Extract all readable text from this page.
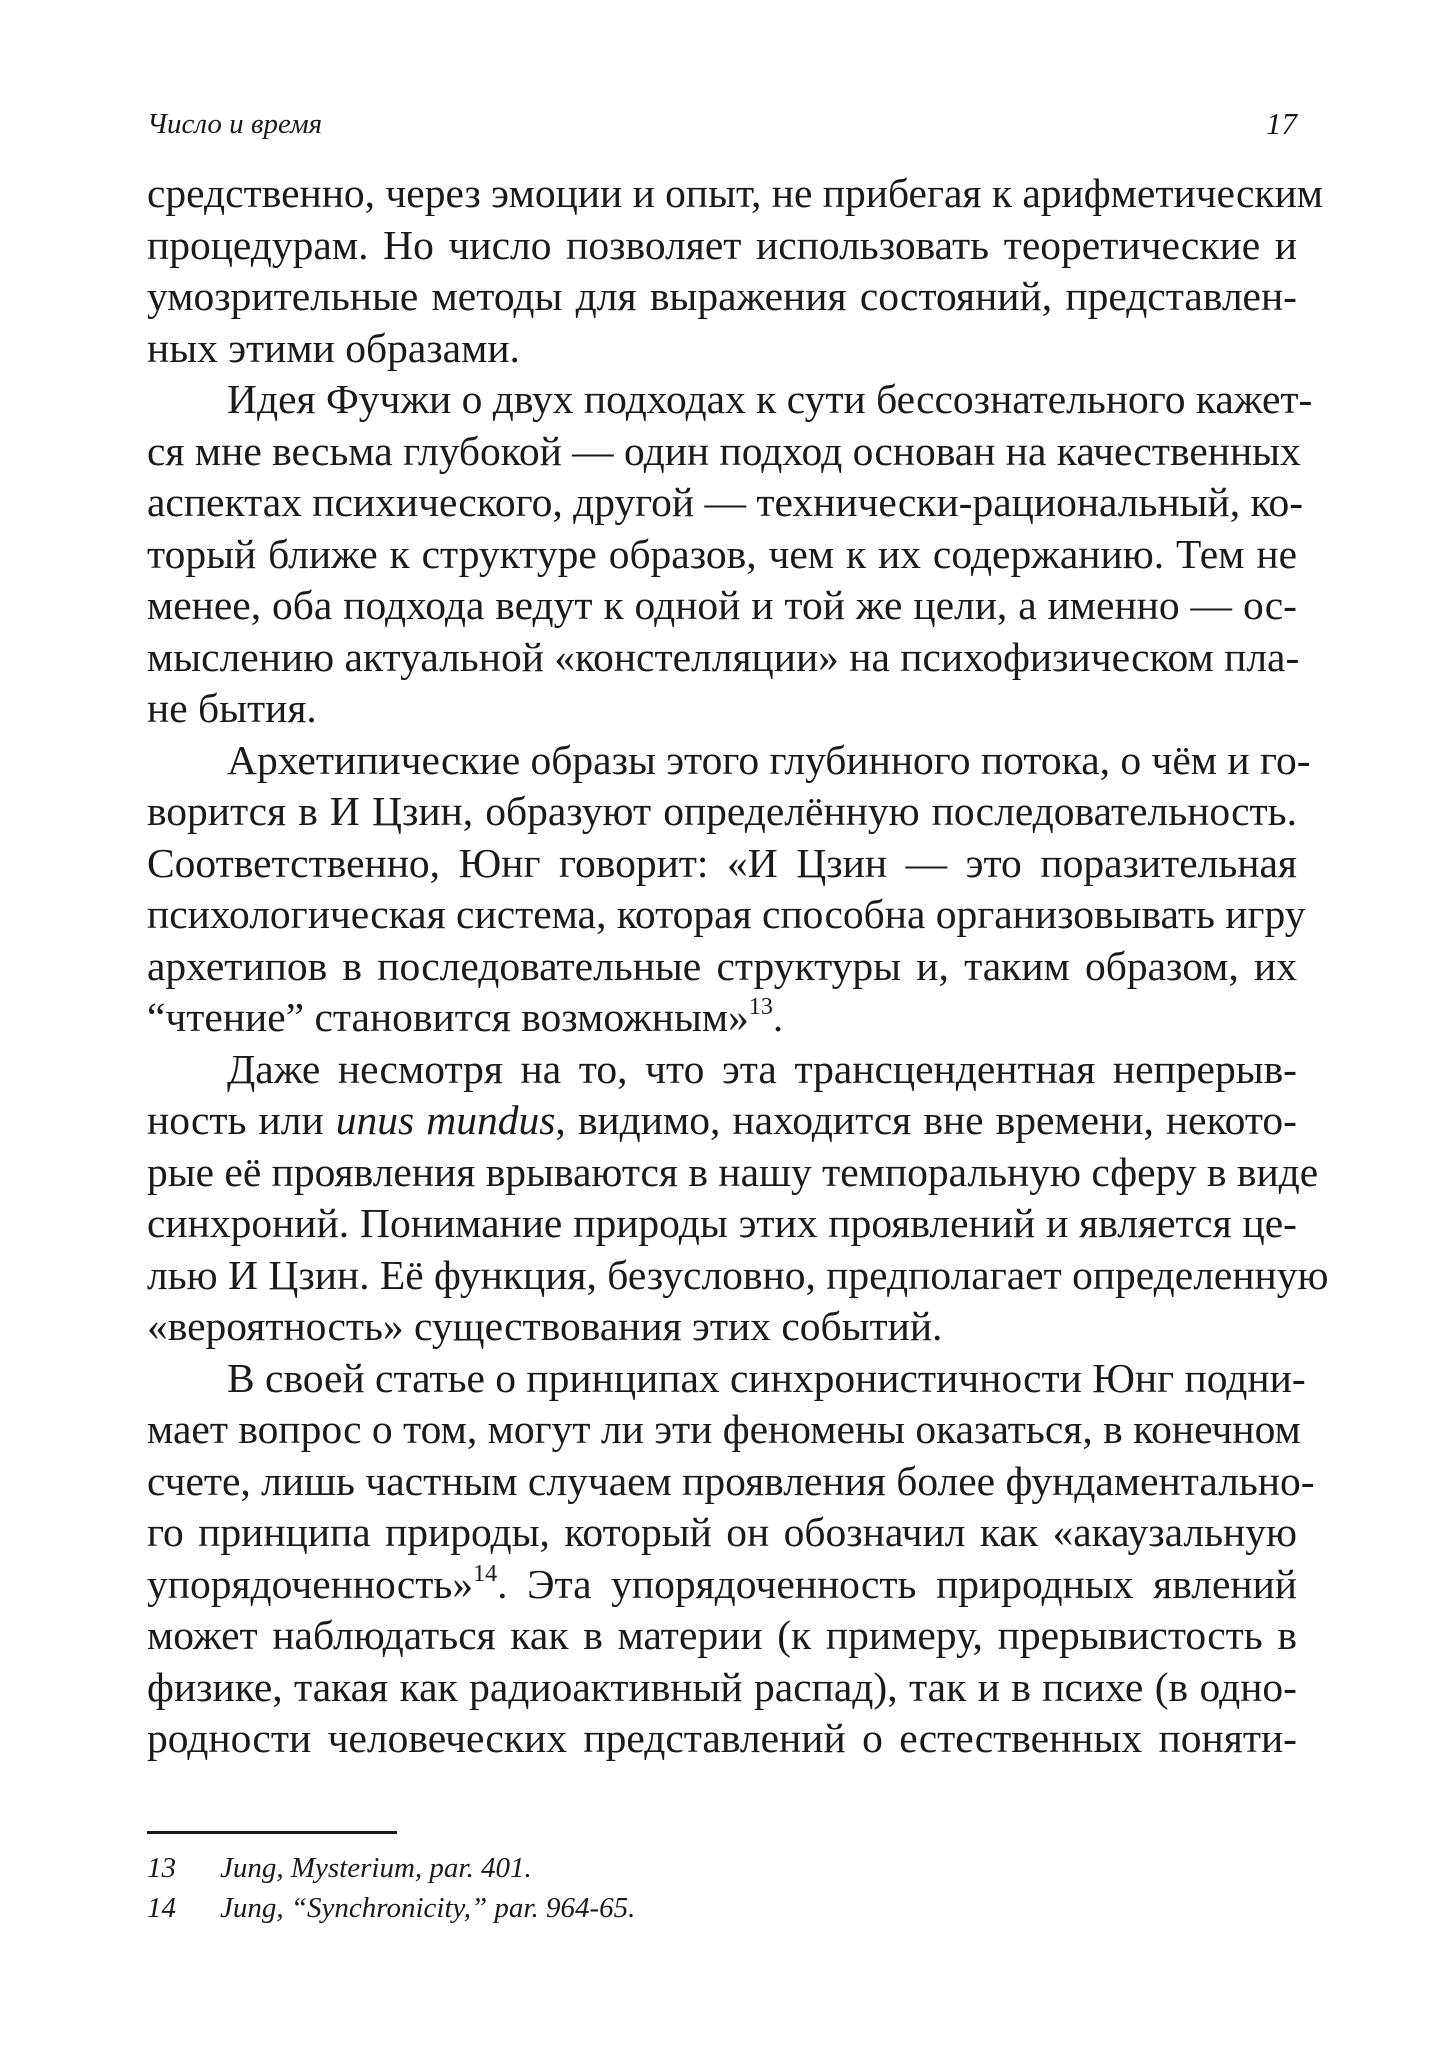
Число и время	17

средственно, через эмоции и опыт, не прибегая к арифметическим
процедурам. Но число позволяет использовать теоретические и
умозрительные методы для выражения состояний, представлен-
ных этими образами.

Идея Фучжи о двух подходах к сути бессознательного кажет-
ся мне весьма глубокой — один подход основан на качественных
аспектах психического, другой — технически-рациональный, ко-
торый ближе к структуре образов, чем к их содержанию. Тем не
менее, оба подхода ведут к одной и той же цели, а именно — ос-
мыслению актуальной «констелляции» на психофизическом пла-
не бытия.

Архетипические образы этого глубинного потока, о чём и го-
ворится в И Цзин, образуют определённую последовательность.
Соответственно, Юнг говорит: «И Цзин — это поразительная
психологическая система, которая способна организовывать игру
архетипов в последовательные структуры и, таким образом, их
“чтение” становится возможным»$^{13}$.

Даже несмотря на то, что эта трансцендентная непрерыв-
ность или unus mundus, видимо, находится вне времени, некото-
рые её проявления врываются в нашу темпоральную сферу в виде
синхроний. Понимание природы этих проявлений и является це-
лью И Цзин. Её функция, безусловно, предполагает определенную
«вероятность» существования этих событий.

В своей статье о принципах синхронистичности Юнг подни-
мает вопрос о том, могут ли эти феномены оказаться, в конечном
счете, лишь частным случаем проявления более фундаментально-
го принципа природы, который он обозначил как «акаузальную
упорядоченность»$^{14}$. Эта упорядоченность природных явлений
может наблюдаться как в материи (к примеру, прерывистость в
физике, такая как радиоактивный распад), так и в психе (в одно-
родности человеческих представлений о естественных поняти-

13 Jung, Mysterium, par. 401.
14 Jung, “Synchronicity,” par. 964-65.
